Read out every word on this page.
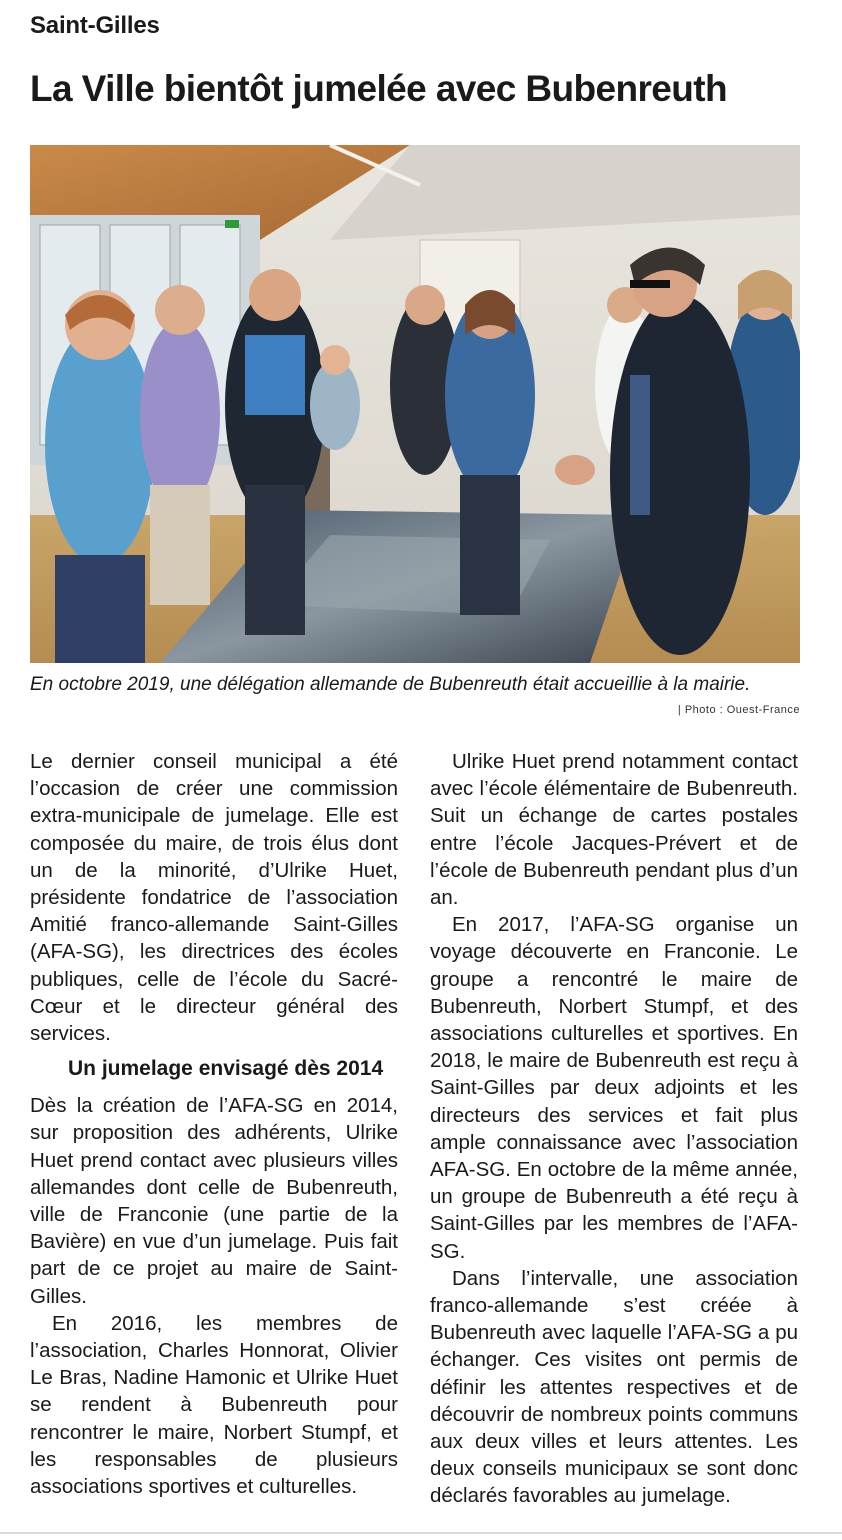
Saint-Gilles
La Ville bientôt jumelée avec Bubenreuth
En octobre 2019, une délégation allemande de Bubenreuth était accueillie à la mairie.
| Photo : Ouest-France

Le dernier conseil municipal a été l’occasion de créer une commission extra-municipale de jumelage. Elle est composée du maire, de trois élus dont un de la minorité, d’Ulrike Huet, présidente fondatrice de l’association Amitié franco-allemande Saint-Gilles (AFA-SG), les directrices des écoles publiques, celle de l’école du Sacré-Cœur et le directeur général des services.

Un jumelage envisagé dès 2014

Dès la création de l’AFA-SG en 2014, sur proposition des adhérents, Ulrike Huet prend contact avec plusieurs villes allemandes dont celle de Bubenreuth, ville de Franconie (une partie de la Bavière) en vue d’un jumelage. Puis fait part de ce projet au maire de Saint-Gilles.

En 2016, les membres de l’association, Charles Honnorat, Olivier Le Bras, Nadine Hamonic et Ulrike Huet se rendent à Bubenreuth pour rencontrer le maire, Norbert Stumpf, et les responsables de plusieurs associations sportives et culturelles.

Ulrike Huet prend notamment contact avec l’école élémentaire de Bubenreuth. Suit un échange de cartes postales entre l’école Jacques-Prévert et de l’école de Bubenreuth pendant plus d’un an.

En 2017, l’AFA-SG organise un voyage découverte en Franconie. Le groupe a rencontré le maire de Bubenreuth, Norbert Stumpf, et des associations culturelles et sportives. En 2018, le maire de Bubenreuth est reçu à Saint-Gilles par deux adjoints et les directeurs des services et fait plus ample connaissance avec l’association AFA-SG. En octobre de la même année, un groupe de Bubenreuth a été reçu à Saint-Gilles par les membres de l’AFA-SG.

Dans l’intervalle, une association franco-allemande s’est créée à Bubenreuth avec laquelle l’AFA-SG a pu échanger. Ces visites ont permis de définir les attentes respectives et de découvrir de nombreux points communs aux deux villes et leurs attentes. Les deux conseils municipaux se sont donc déclarés favorables au jumelage.
